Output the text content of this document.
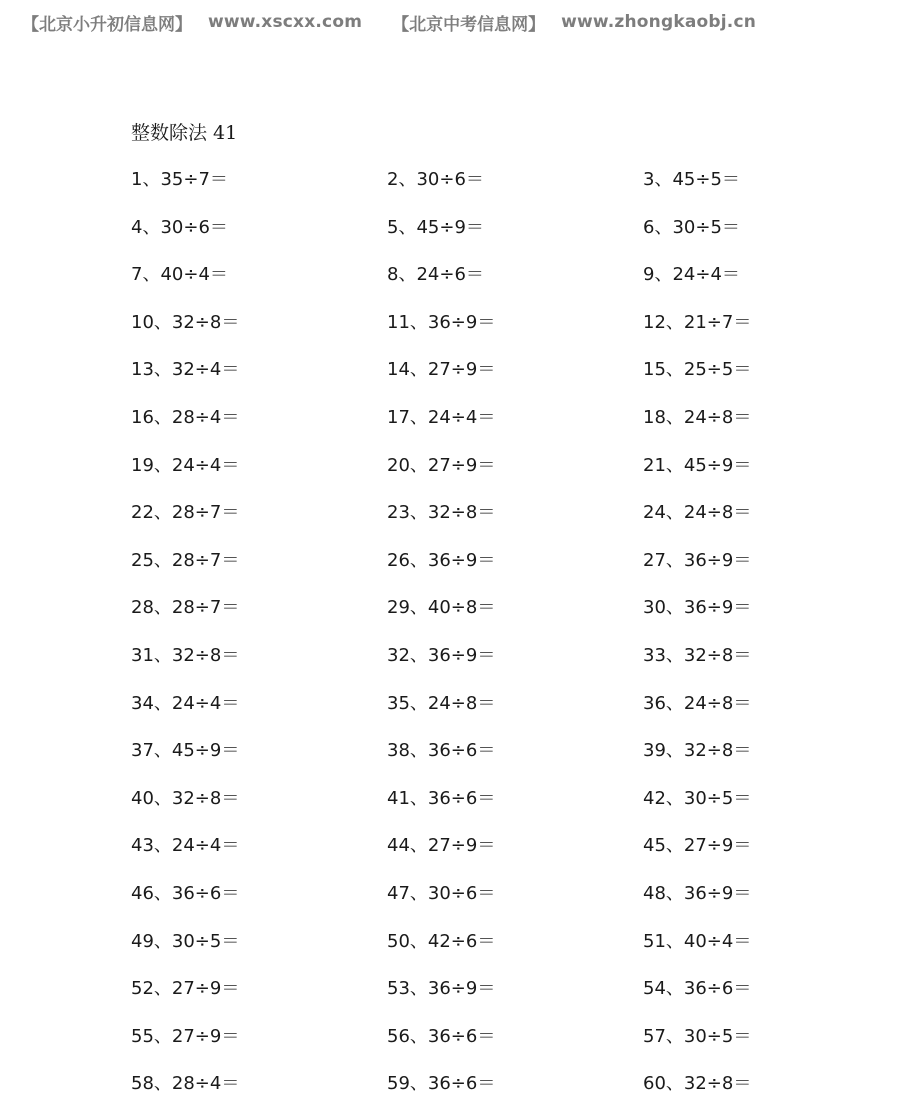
【北京小升初信息网】 www.xscxx.com 【北京中考信息网】 www.zhongkaobj.cn
整数除法 41
1、35÷7＝	2、30÷6＝	3、45÷5＝
4、30÷6＝	5、45÷9＝	6、30÷5＝
7、40÷4＝	8、24÷6＝	9、24÷4＝
10、32÷8＝	11、36÷9＝	12、21÷7＝
13、32÷4＝	14、27÷9＝	15、25÷5＝
16、28÷4＝	17、24÷4＝	18、24÷8＝
19、24÷4＝	20、27÷9＝	21、45÷9＝
22、28÷7＝	23、32÷8＝	24、24÷8＝
25、28÷7＝	26、36÷9＝	27、36÷9＝
28、28÷7＝	29、40÷8＝	30、36÷9＝
31、32÷8＝	32、36÷9＝	33、32÷8＝
34、24÷4＝	35、24÷8＝	36、24÷8＝
37、45÷9＝	38、36÷6＝	39、32÷8＝
40、32÷8＝	41、36÷6＝	42、30÷5＝
43、24÷4＝	44、27÷9＝	45、27÷9＝
46、36÷6＝	47、30÷6＝	48、36÷9＝
49、30÷5＝	50、42÷6＝	51、40÷4＝
52、27÷9＝	53、36÷9＝	54、36÷6＝
55、27÷9＝	56、36÷6＝	57、30÷5＝
58、28÷4＝	59、36÷6＝	60、32÷8＝
